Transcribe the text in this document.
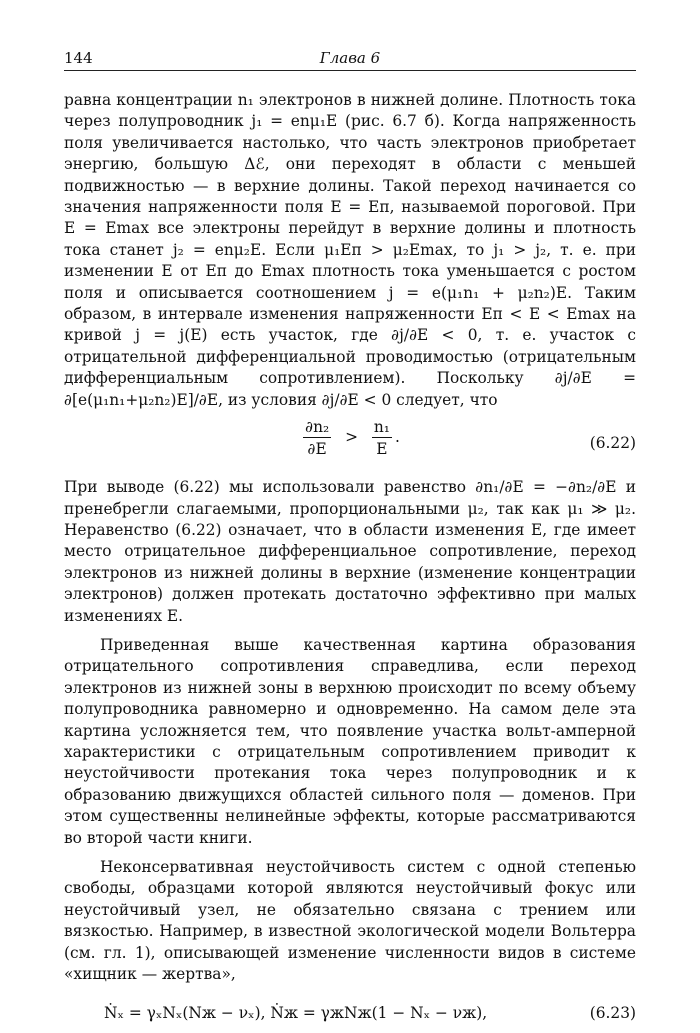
144	Глава 6

равна концентрации n₁ электронов в нижней долине. Плотность тока через полупроводник j₁ = enμ₁E (рис. 6.7 б). Когда напряженность поля увеличивается настолько, что часть электронов приобретает энергию, большую Δℰ, они переходят в области с меньшей подвижностью — в верхние долины. Такой переход начинается со значения напряженности поля E = Eп, называемой пороговой. При E = Emax все электроны перейдут в верхние долины и плотность тока станет j₂ = enμ₂E. Если μ₁Eп > μ₂Emax, то j₁ > j₂, т. е. при изменении E от Eп до Emax плотность тока уменьшается с ростом поля и описывается соотношением j = e(μ₁n₁ + μ₂n₂)E. Таким образом, в интервале изменения напряженности Eп < E < Emax на кривой j = j(E) есть участок, где ∂j/∂E < 0, т. е. участок с отрицательной дифференциальной проводимостью (отрицательным дифференциальным сопротивлением). Поскольку ∂j/∂E = ∂[e(μ₁n₁+μ₂n₂)E]/∂E, из условия ∂j/∂E < 0 следует, что

$\frac{\text{∂n₂}}{\partial E} > \frac{\text{n₁}}{E}$ .	(6.22)

При выводе (6.22) мы использовали равенство ∂n₁/∂E = −∂n₂/∂E и пренебрегли слагаемыми, пропорциональными μ₂, так как μ₁ ≫ μ₂. Неравенство (6.22) означает, что в области изменения E, где имеет место отрицательное дифференциальное сопротивление, переход электронов из нижней долины в верхние (изменение концентрации электронов) должен протекать достаточно эффективно при малых изменениях E.

Приведенная выше качественная картина образования отрицательного сопротивления справедлива, если переход электронов из нижней зоны в верхнюю происходит по всему объему полупроводника равномерно и одновременно. На самом деле эта картина усложняется тем, что появление участка вольт-амперной характеристики с отрицательным сопротивлением приводит к неустойчивости протекания тока через полупроводник и к образованию движущихся областей сильного поля — доменов. При этом существенны нелинейные эффекты, которые рассматриваются во второй части книги.

Неконсервативная неустойчивость систем с одной степенью свободы, образцами которой являются неустойчивый фокус или неустойчивый узел, не обязательно связана с трением или вязкостью. Например, в известной экологической модели Вольтерра (см. гл. 1), описывающей изменение численности видов в системе «хищник — жертва»,

Ṅₓ = γₓNₓ(Nж − νₓ), Ṅж = γжNж(1 − Nₓ − νж),	(6.23)
